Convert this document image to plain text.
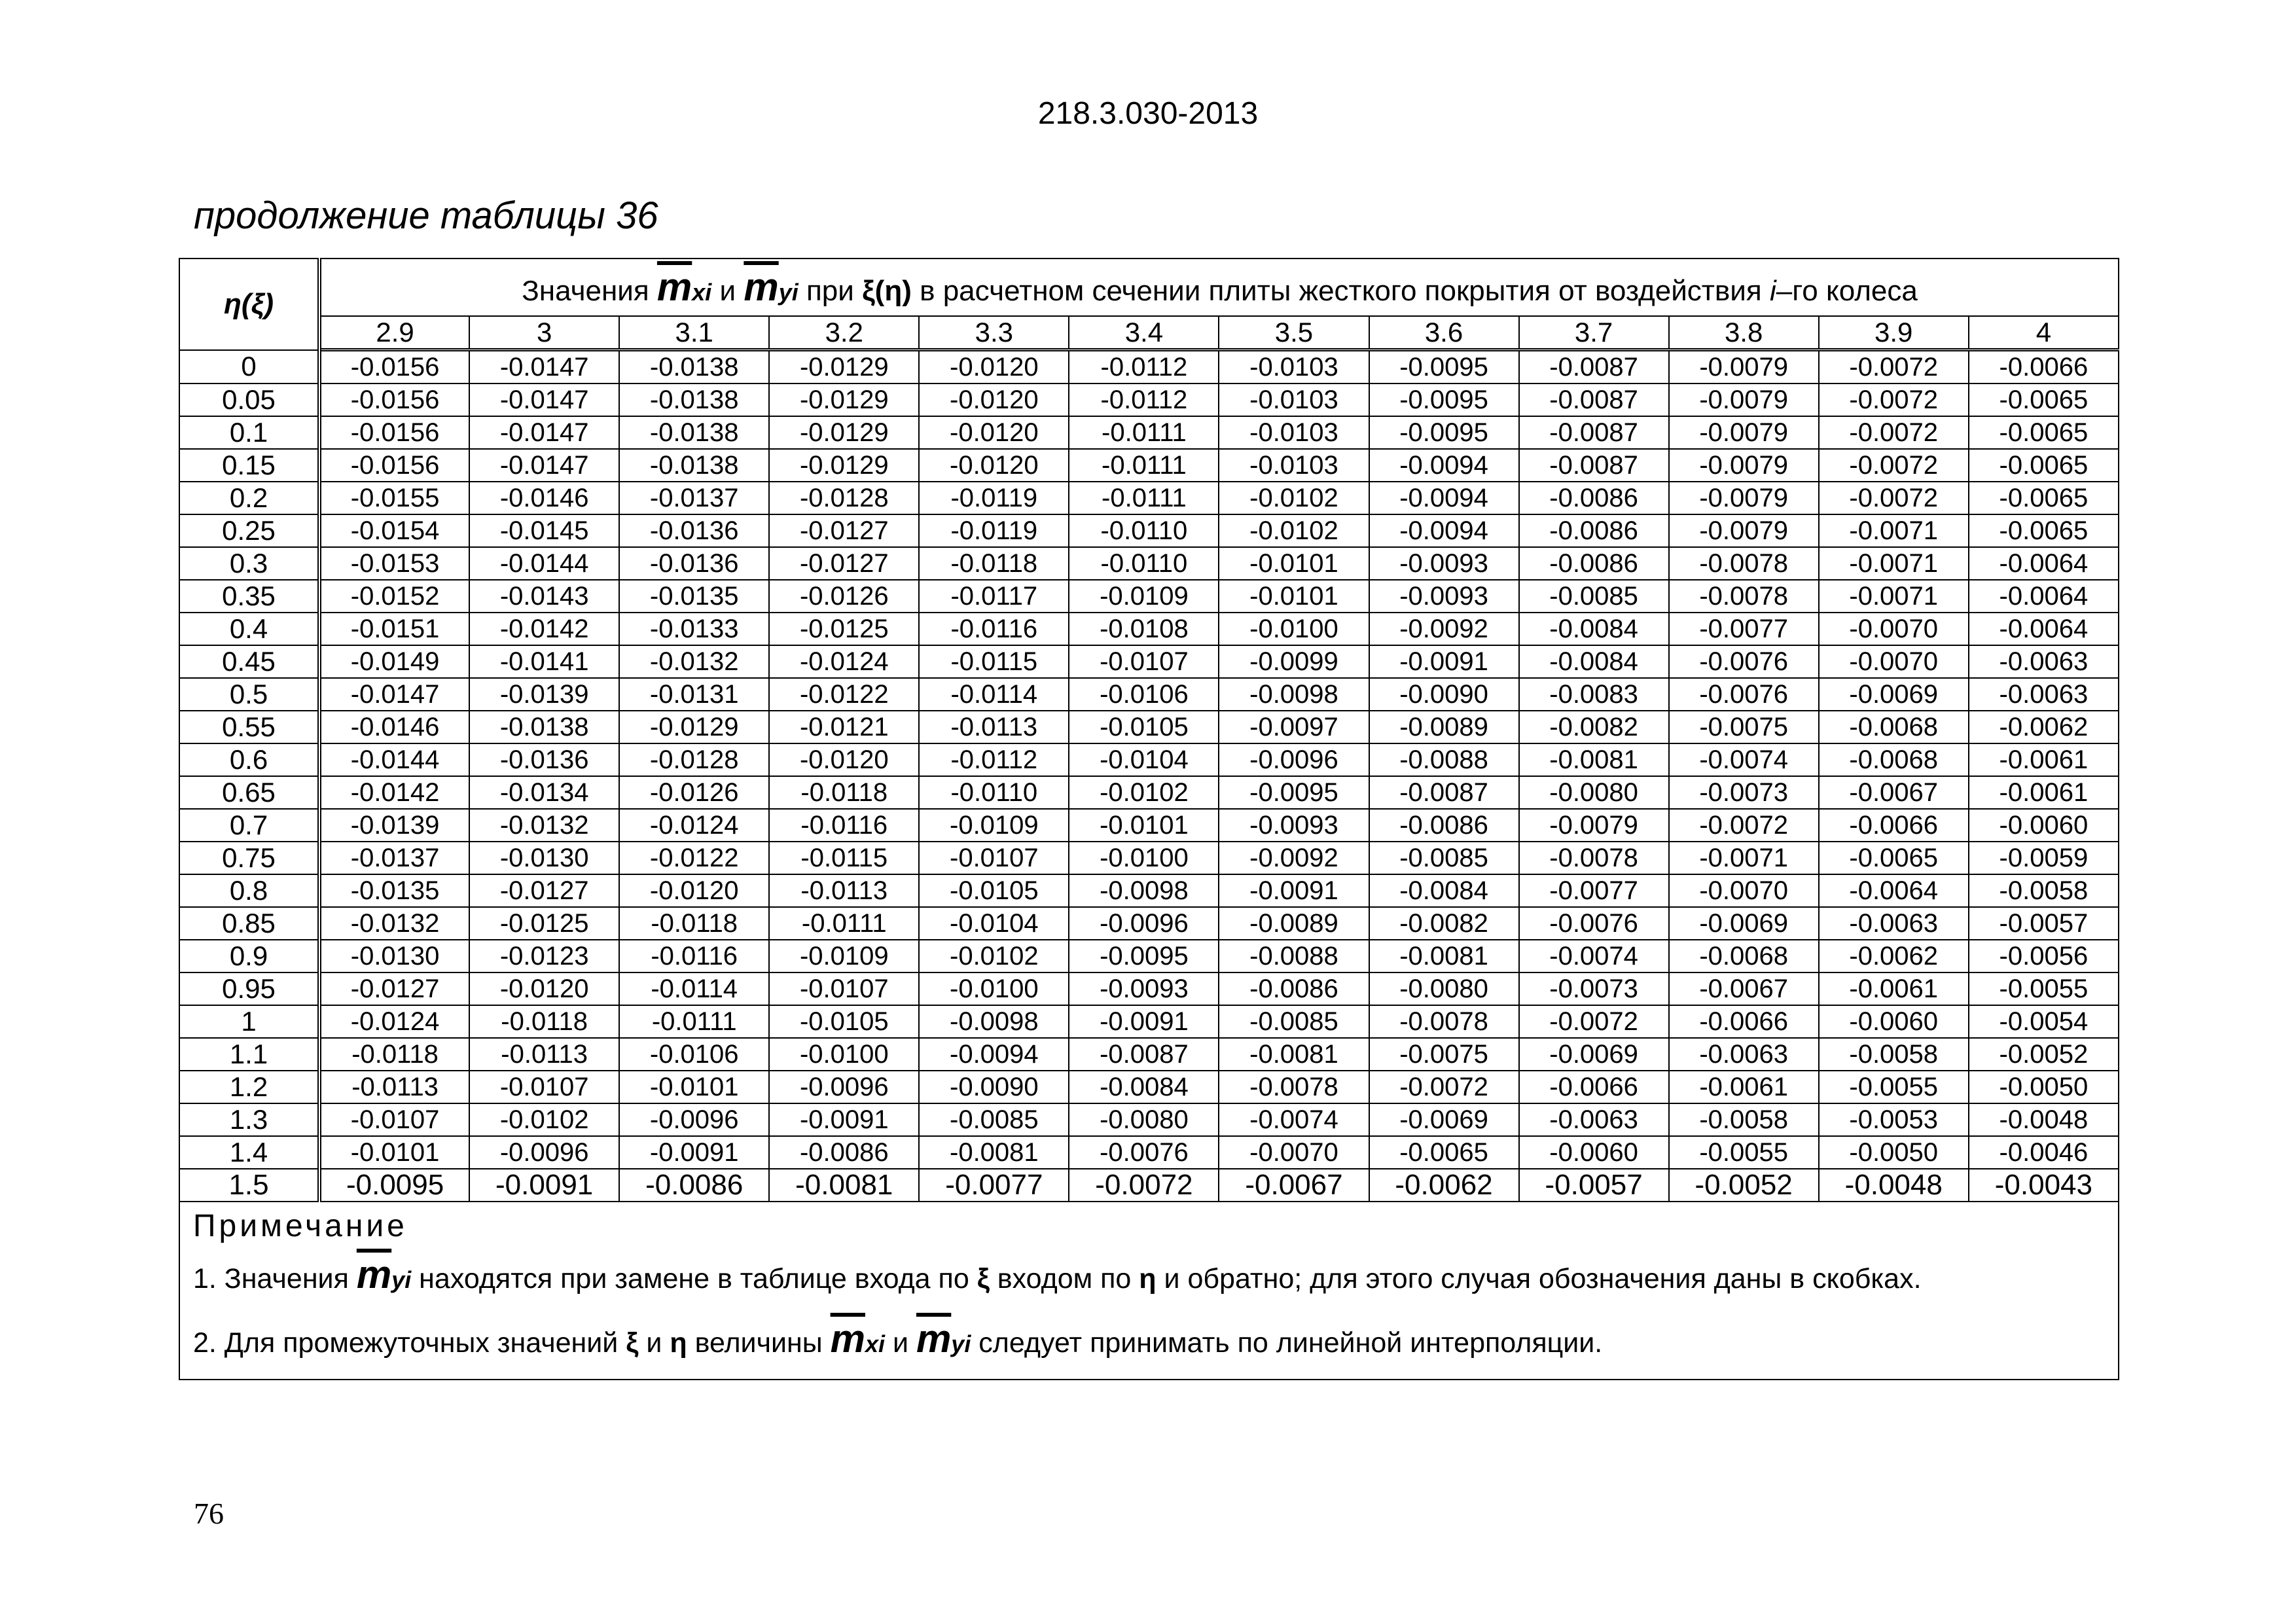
218.3.030-2013
продолжение таблицы 36
η(ξ)	Значения $\overline{m}xi$ и $\overline{m}yi$ при ξ(η) в расчетном сечении плиты жесткого покрытия от воздействия i–го колеса											
	2.9	3	3.1	3.2	3.3	3.4	3.5	3.6	3.7	3.8	3.9	4
0	-0.0156	-0.0147	-0.0138	-0.0129	-0.0120	-0.0112	-0.0103	-0.0095	-0.0087	-0.0079	-0.0072	-0.0066
0.05	-0.0156	-0.0147	-0.0138	-0.0129	-0.0120	-0.0112	-0.0103	-0.0095	-0.0087	-0.0079	-0.0072	-0.0065
0.1	-0.0156	-0.0147	-0.0138	-0.0129	-0.0120	-0.0111	-0.0103	-0.0095	-0.0087	-0.0079	-0.0072	-0.0065
0.15	-0.0156	-0.0147	-0.0138	-0.0129	-0.0120	-0.0111	-0.0103	-0.0094	-0.0087	-0.0079	-0.0072	-0.0065
0.2	-0.0155	-0.0146	-0.0137	-0.0128	-0.0119	-0.0111	-0.0102	-0.0094	-0.0086	-0.0079	-0.0072	-0.0065
0.25	-0.0154	-0.0145	-0.0136	-0.0127	-0.0119	-0.0110	-0.0102	-0.0094	-0.0086	-0.0079	-0.0071	-0.0065
0.3	-0.0153	-0.0144	-0.0136	-0.0127	-0.0118	-0.0110	-0.0101	-0.0093	-0.0086	-0.0078	-0.0071	-0.0064
0.35	-0.0152	-0.0143	-0.0135	-0.0126	-0.0117	-0.0109	-0.0101	-0.0093	-0.0085	-0.0078	-0.0071	-0.0064
0.4	-0.0151	-0.0142	-0.0133	-0.0125	-0.0116	-0.0108	-0.0100	-0.0092	-0.0084	-0.0077	-0.0070	-0.0064
0.45	-0.0149	-0.0141	-0.0132	-0.0124	-0.0115	-0.0107	-0.0099	-0.0091	-0.0084	-0.0076	-0.0070	-0.0063
0.5	-0.0147	-0.0139	-0.0131	-0.0122	-0.0114	-0.0106	-0.0098	-0.0090	-0.0083	-0.0076	-0.0069	-0.0063
0.55	-0.0146	-0.0138	-0.0129	-0.0121	-0.0113	-0.0105	-0.0097	-0.0089	-0.0082	-0.0075	-0.0068	-0.0062
0.6	-0.0144	-0.0136	-0.0128	-0.0120	-0.0112	-0.0104	-0.0096	-0.0088	-0.0081	-0.0074	-0.0068	-0.0061
0.65	-0.0142	-0.0134	-0.0126	-0.0118	-0.0110	-0.0102	-0.0095	-0.0087	-0.0080	-0.0073	-0.0067	-0.0061
0.7	-0.0139	-0.0132	-0.0124	-0.0116	-0.0109	-0.0101	-0.0093	-0.0086	-0.0079	-0.0072	-0.0066	-0.0060
0.75	-0.0137	-0.0130	-0.0122	-0.0115	-0.0107	-0.0100	-0.0092	-0.0085	-0.0078	-0.0071	-0.0065	-0.0059
0.8	-0.0135	-0.0127	-0.0120	-0.0113	-0.0105	-0.0098	-0.0091	-0.0084	-0.0077	-0.0070	-0.0064	-0.0058
0.85	-0.0132	-0.0125	-0.0118	-0.0111	-0.0104	-0.0096	-0.0089	-0.0082	-0.0076	-0.0069	-0.0063	-0.0057
0.9	-0.0130	-0.0123	-0.0116	-0.0109	-0.0102	-0.0095	-0.0088	-0.0081	-0.0074	-0.0068	-0.0062	-0.0056
0.95	-0.0127	-0.0120	-0.0114	-0.0107	-0.0100	-0.0093	-0.0086	-0.0080	-0.0073	-0.0067	-0.0061	-0.0055
1	-0.0124	-0.0118	-0.0111	-0.0105	-0.0098	-0.0091	-0.0085	-0.0078	-0.0072	-0.0066	-0.0060	-0.0054
1.1	-0.0118	-0.0113	-0.0106	-0.0100	-0.0094	-0.0087	-0.0081	-0.0075	-0.0069	-0.0063	-0.0058	-0.0052
1.2	-0.0113	-0.0107	-0.0101	-0.0096	-0.0090	-0.0084	-0.0078	-0.0072	-0.0066	-0.0061	-0.0055	-0.0050
1.3	-0.0107	-0.0102	-0.0096	-0.0091	-0.0085	-0.0080	-0.0074	-0.0069	-0.0063	-0.0058	-0.0053	-0.0048
1.4	-0.0101	-0.0096	-0.0091	-0.0086	-0.0081	-0.0076	-0.0070	-0.0065	-0.0060	-0.0055	-0.0050	-0.0046
1.5	-0.0095	-0.0091	-0.0086	-0.0081	-0.0077	-0.0072	-0.0067	-0.0062	-0.0057	-0.0052	-0.0048	-0.0043

Примечание
1. Значения $\overline{m}yi$ находятся при замене в таблице входа по ξ входом по η и обратно; для этого случая обозначения даны в скобках.
2. Для промежуточных значений ξ и η величины $\overline{m}xi$ и $\overline{m}yi$ следует принимать по линейной интерполяции.												
76
